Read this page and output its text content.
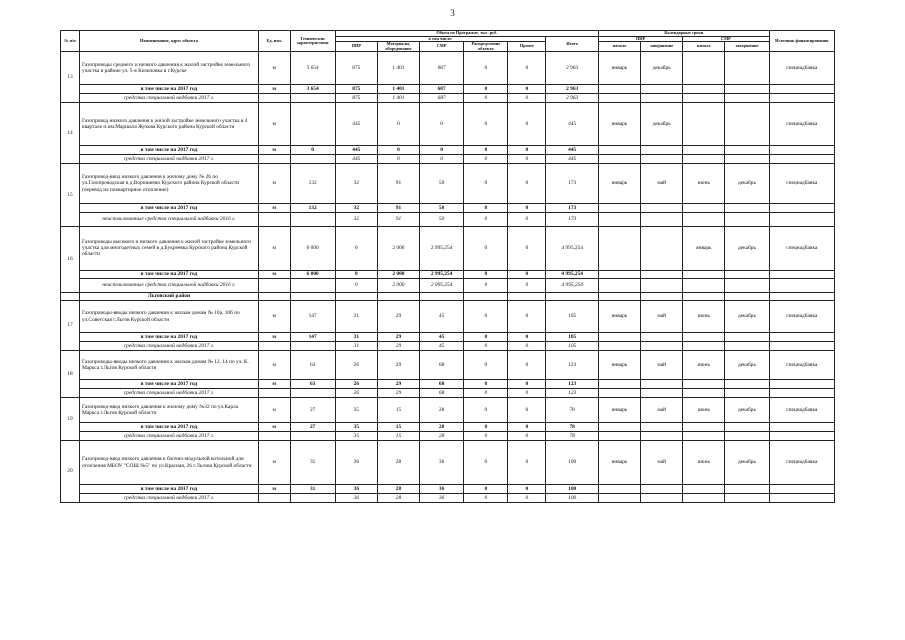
3
№ п/п	Наименование, адрес объекта	Ед. изм.	Технические характеристики	Объем по Программе, тыс. руб.						Календарные сроки				Источник финансирования
				в том числе:					Итого	ПИР		СМР		
				ПИР	Материалы, оборудование	СМР	Распределение объекта	Прочее		начало	завершение	начало	завершение	
13	Газопроводы среднего и низкого давления к жилой застройке земельного участка в районе ул. 5-я Кизиловка в г.Курске	м	3 654	875	1 401	687	0	0	2 963	январь	декабрь			спецнадбавка
	в том числе на 2017 год	м	3 654	875	1 401	687	0	0	2 963					
	средства специальной надбавки 2017 г.			875	1 401	687	0	0	2 963					
14	Газопровод низкого давления к жилой застройке земельного участка в 4 квартале п.им.Маршала Жукова Курского района Курской области	м		445	0	0	0	0	445	январь	декабрь			спецнадбавка
	в том числе на 2017 год	м	0	445	0	0	0	0	445					
	средства специальной надбавки 2017 г.			445	0	0	0	0	445					
15	Газопровод-ввод низкого давления к жилому дому № 26 по ул.Газопроводская в д.Ворошнево Курского района Курской области (перевод на поквартирное отопление)	м	132	32	91	50	0	0	173	январь	май	июнь	декабрь	спецнадбавка
	в том числе на 2017 год	м	132	32	91	50	0	0	173					
	неиспользованные средства специальной надбавки 2016 г.			32	91	50	0	0	173					
16	Газопроводы высокого и низкого давления к жилой застройке земельного участка для многодетных семей в д.Букреевка Курского района Курской области	м	6 000	0	2 000	2 995,254	0	0	4 995,254			январь	декабрь	спецнадбавка
	в том числе на 2017 год	м	6 000	0	2 000	2 995,254	0	0	4 995,254					
	неиспользованные средства специальной надбавки 2016 г.			0	2 000	2 995,254	0	0	4 995,254					
	Льговский район													
17	Газопроводы-вводы низкого давления к жилым домам № 10а, 10б по ул.Советская г.Льгов Курской области	м	147	31	29	45	0	0	105	январь	май	июнь	декабрь	спецнадбавка
	в том числе на 2017 год	м	147	31	29	45	0	0	105					
	средства специальной надбавки 2017 г.			31	29	45	0	0	105					
18	Газопроводы-вводы низкого давления к жилым домам № 12, 14 по ул. К. Маркса г.Льгов Курской области	м	63	26	29	68	0	0	123	январь	май	июнь	декабрь	спецнадбавка
	в том числе на 2017 год	м	63	26	29	68	0	0	123					
	средства специальной надбавки 2017 г.			26	29	68	0	0	123					
19	Газопровод-ввод низкого давления к жилому дому №32 по ул.Карла Маркса г.Льгов Курской области	м	27	35	15	28	0	0	78	январь	май	июнь	декабрь	спецнадбавка
	в том числе на 2017 год	м	27	35	15	28	0	0	78					
	средства специальной надбавки 2017 г.			35	15	28	0	0	78					
20	Газопровод-ввод низкого давления к блочно-модульной котельной для отопления МБОУ "СОШ №5" по ул.Красная, 26 г.Льгова Курской области	м	31	36	28	36	0	0	100	январь	май	июнь	декабрь	спецнадбавка
	в том числе на 2017 год	м	31	36	28	36	0	0	100					
	средства специальной надбавки 2017 г.			36	28	36	0	0	100					
